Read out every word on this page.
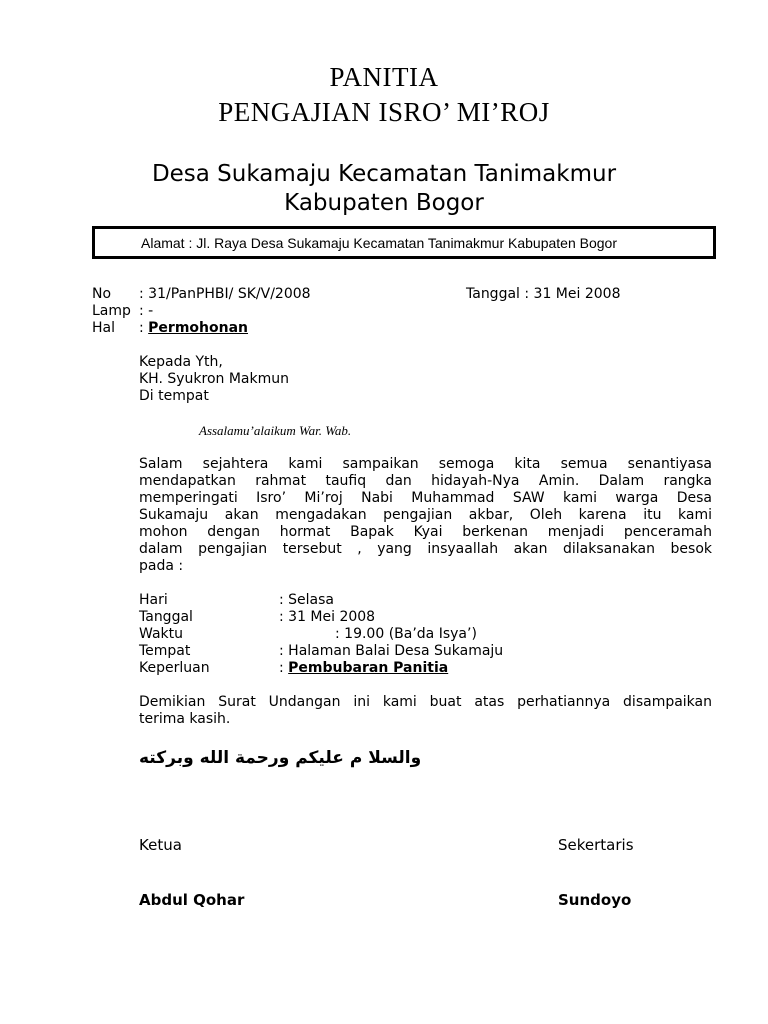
PANITIA
PENGAJIAN ISRO’ MI’ROJ
Desa Sukamaju Kecamatan Tanimakmur
Kabupaten Bogor
Alamat : Jl. Raya Desa Sukamaju Kecamatan Tanimakmur Kabupaten Bogor
No : 31/PanPHBI/ SK/V/2008	Tanggal : 31 Mei 2008
Lamp : -
Hal : Permohonan
Kepada Yth,
KH. Syukron Makmun
Di tempat
Assalamu’alaikum War. Wab.
Salam sejahtera kami sampaikan semoga kita semua senantiyasa
mendapatkan rahmat taufiq dan hidayah-Nya Amin. Dalam rangka
memperingati Isro’ Mi’roj Nabi Muhammad SAW kami warga Desa
Sukamaju akan mengadakan pengajian akbar, Oleh karena itu kami
mohon dengan hormat Bapak Kyai berkenan menjadi penceramah
dalam pengajian tersebut , yang insyaallah akan dilaksanakan besok
pada :
Hari	: Selasa
Tanggal	: 31 Mei 2008
Waktu	: 19.00 (Ba’da Isya’)
Tempat	: Halaman Balai Desa Sukamaju
Keperluan	: Pembubaran Panitia
Demikian Surat Undangan ini kami buat atas perhatiannya disampaikan
terima kasih.
والسلا م عليكم ورحمة الله وبركته
Ketua	Sekertaris
Abdul Qohar	Sundoyo
